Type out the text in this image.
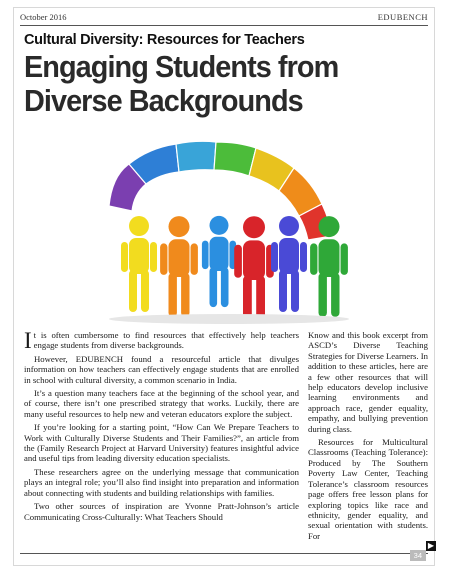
October 2016	EDUBENCH
Cultural Diversity: Resources for Teachers
Engaging Students from Diverse Backgrounds

It is often cumbersome to find resources that effectively help teachers engage students from diverse backgrounds.

However, EDUBENCH found a resourceful article that divulges information on how teachers can effectively engage students that are enrolled in school with cultural diversity, a common scenario in India.

It’s a question many teachers face at the beginning of the school year, and of course, there isn’t one prescribed strategy that works. Luckily, there are many useful resources to help new and veteran educators explore the subject.

If you’re looking for a starting point, “How Can We Prepare Teachers to Work with Culturally Diverse Students and Their Families?”, an article from the (Family Research Project at Harvard University) features insightful advice and useful tips from leading diversity education specialists.

These researchers agree on the underlying message that communication plays an integral role; you’ll also find insight into preparation and information about connecting with students and building relationships with families.

Two other sources of inspiration are Yvonne Pratt-Johnson’s article Communicating Cross-Culturally: What Teachers Should

Know and this book excerpt from ASCD’s Diverse Teaching Strategies for Diverse Learners. In addition to these articles, here are a few other resources that will help educators develop inclusive learning environments and approach race, gender equality, empathy, and bullying prevention during class.

Resources for Multicultural Classrooms (Teaching Tolerance): Produced by The Southern Poverty Law Center, Teaching Tolerance’s classroom resources page offers free lesson plans for exploring topics like race and ethnicity, gender equality, and sexual orientation with students. For

34
▶
